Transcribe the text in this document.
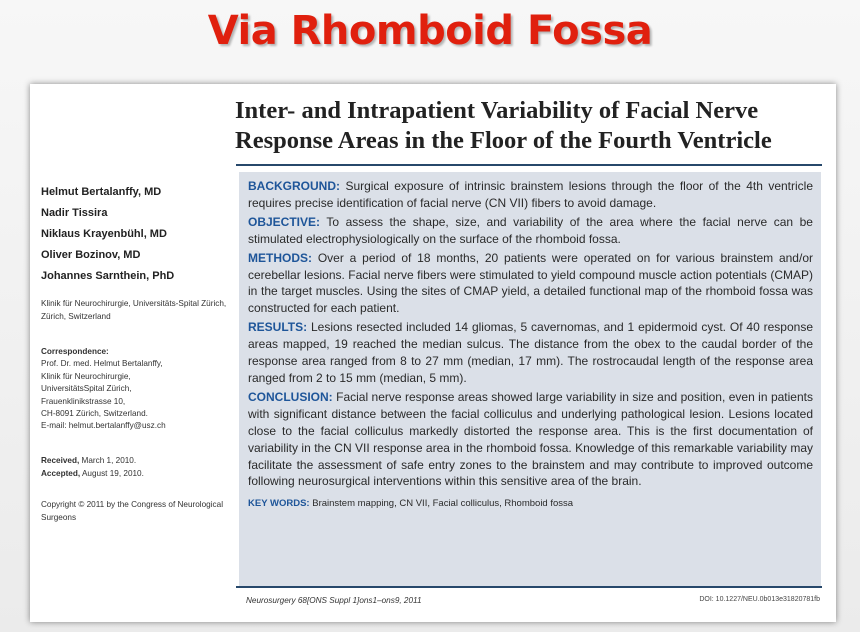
Via Rhomboid Fossa
Inter- and Intrapatient Variability of Facial Nerve
Response Areas in the Floor of the Fourth Ventricle
Helmut Bertalanffy, MD
Nadir Tissira
Niklaus Krayenbühl, MD
Oliver Bozinov, MD
Johannes Sarnthein, PhD
Klinik für Neurochirurgie, Universitäts-Spital Zürich, Zürich, Switzerland
Correspondence:
Prof. Dr. med. Helmut Bertalanffy,
Klinik für Neurochirurgie,
UniversitätsSpital Zürich,
Frauenklinikstrasse 10,
CH-8091 Zürich, Switzerland.
E-mail: helmut.bertalanffy@usz.ch
Received, March 1, 2010.
Accepted, August 19, 2010.
Copyright © 2011 by the Congress of Neurological Surgeons

BACKGROUND: Surgical exposure of intrinsic brainstem lesions through the floor of the 4th ventricle requires precise identification of facial nerve (CN VII) fibers to avoid damage.

OBJECTIVE: To assess the shape, size, and variability of the area where the facial nerve can be stimulated electrophysiologically on the surface of the rhomboid fossa.

METHODS: Over a period of 18 months, 20 patients were operated on for various brainstem and/or cerebellar lesions. Facial nerve fibers were stimulated to yield compound muscle action potentials (CMAP) in the target muscles. Using the sites of CMAP yield, a detailed functional map of the rhomboid fossa was constructed for each patient.

RESULTS: Lesions resected included 14 gliomas, 5 cavernomas, and 1 epidermoid cyst. Of 40 response areas mapped, 19 reached the median sulcus. The distance from the obex to the caudal border of the response area ranged from 8 to 27 mm (median, 17 mm). The rostrocaudal length of the response area ranged from 2 to 15 mm (median, 5 mm).

CONCLUSION: Facial nerve response areas showed large variability in size and position, even in patients with significant distance between the facial colliculus and underlying pathological lesion. Lesions located close to the facial colliculus markedly distorted the response area. This is the first documentation of variability in the CN VII response area in the rhomboid fossa. Knowledge of this remarkable variability may facilitate the assessment of safe entry zones to the brainstem and may contribute to improved outcome following neurosurgical interventions within this sensitive area of the brain.

KEY WORDS: Brainstem mapping, CN VII, Facial colliculus, Rhomboid fossa

Neurosurgery 68[ONS Suppl 1]ons1–ons9, 2011	DOI: 10.1227/NEU.0b013e31820781fb
